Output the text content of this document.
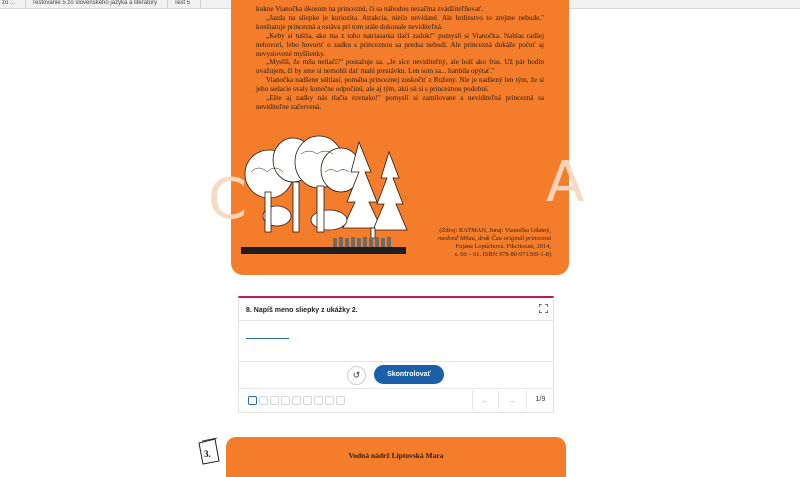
zo ...	Testovanie 5 zo slovenského jazyka a literatúry	Test 5

kukne Vianočka úkosom na princeznú, či sa náhodou nezačína zvádžiteľňovať.

„Jazda na sliepke je kuriozita. Atrakcia, niečo nevídané. Ale hrdinstvo to zrejme nebude," konštatuje princezná a ostáva pri tom stále dokonale neviditeľná.

„Keby si tušila, ako ma z toho natriasania tlačí zadok!" pomyslí si Vianočka. Nahlas radšej nehovorí, lebo hovoriť o zadku s princeznou sa predsa nehodí. Ale princezná dokáže počuť aj nevyslovené myšlienky.

„Myslíš, že mňa netlačí?" postažuje sa. „Je síce neviditeľný, ale bolí ako fras. Už pár hodín uvažujem, či by sme si nemohli dať malú prestávku. Len som sa... hanbila opýtať."

Vianočka nadšene súhlasí, pomáha princeznej zoskočiť z Ruženy. Nie je nadšený len tým, že si jeho sedacie svaly konečne odpočinú, ale aj tým, akú sú si s princeznou podobní.

„Ešte aj zadky nás tlačia rovnako!" pomyslí si zamilovane a neviditeľná princezná sa neviditeľne začervená.

C	A
(Zdroj: RATMAN, Juraj: Vianočka Udatný,
medveď Mňau, drak Čau originál princezná
Fujana Lopúchová. Fikcitozan, 2014,
s. 60 – 61. ISBN 978-80-971369-1-8)
8. Napíš meno sliepky z ukážky 2.
↺	Skontrolovať
←	→	1/9
3.	Vodná nádrž Liptovská Mara
